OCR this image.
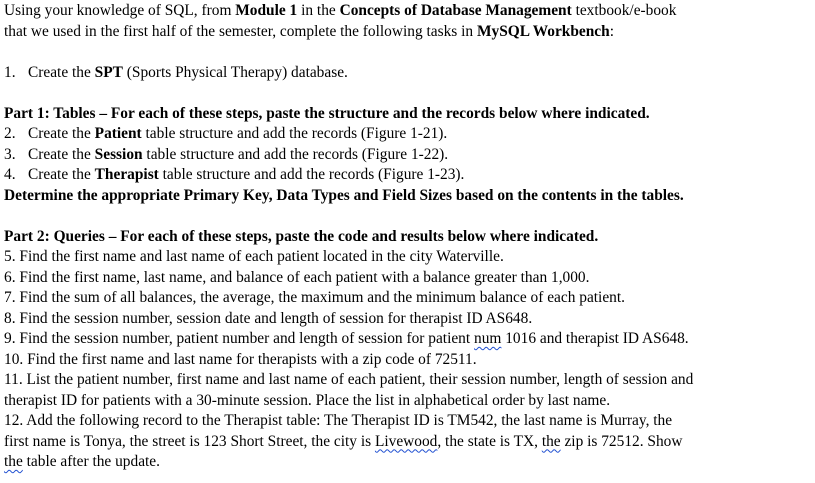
Using your knowledge of SQL, from Module 1 in the Concepts of Database Management textbook/e-book

that we used in the first half of the semester, complete the following tasks in MySQL Workbench:

1. Create the SPT (Sports Physical Therapy) database.

Part 1: Tables – For each of these steps, paste the structure and the records below where indicated.

2. Create the Patient table structure and add the records (Figure 1-21).

3. Create the Session table structure and add the records (Figure 1-22).

4. Create the Therapist table structure and add the records (Figure 1-23).

Determine the appropriate Primary Key, Data Types and Field Sizes based on the contents in the tables.

Part 2: Queries – For each of these steps, paste the code and results below where indicated.

5. Find the first name and last name of each patient located in the city Waterville.

6. Find the first name, last name, and balance of each patient with a balance greater than 1,000.

7. Find the sum of all balances, the average, the maximum and the minimum balance of each patient.

8. Find the session number, session date and length of session for therapist ID AS648.

9. Find the session number, patient number and length of session for patient num 1016 and therapist ID AS648.

10. Find the first name and last name for therapists with a zip code of 72511.

11. List the patient number, first name and last name of each patient, their session number, length of session and

therapist ID for patients with a 30-minute session. Place the list in alphabetical order by last name.

12. Add the following record to the Therapist table: The Therapist ID is TM542, the last name is Murray, the

first name is Tonya, the street is 123 Short Street, the city is Livewood, the state is TX, the zip is 72512. Show

the table after the update.
